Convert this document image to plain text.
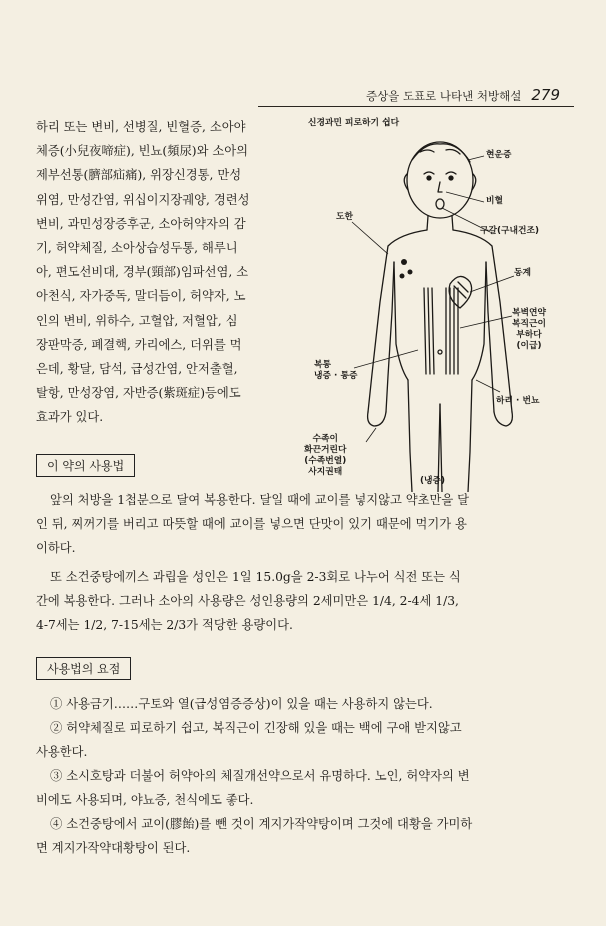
증상을 도표로 나타낸 처방해설 279
하리 또는 변비, 선병질, 빈혈증, 소아야
체증(小兒夜啼症), 빈뇨(頻尿)와 소아의
제부선통(臍部疝痛), 위장신경통, 만성
위염, 만성간염, 위십이지장궤양, 경련성
변비, 과민성장증후군, 소아허약자의 감
기, 허약체질, 소아상습성두통, 해루니
아, 편도선비대, 경부(頸部)임파선염, 소
아천식, 자가중독, 말더듬이, 허약자, 노
인의 변비, 위하수, 고혈압, 저혈압, 심
장판막증, 폐결핵, 카리에스, 더위를 먹
은데, 황달, 담석, 급성간염, 안저출혈,
탈항, 만성장염, 자반증(紫斑症)등에도
효과가 있다.
신경과민 피로하기 쉽다
현운증
비혈
도한
구갈(구내건조)
동계
복벽연약
복직근이
부하다
(이급)
복통
냉증 · 통증
하리 · 번뇨
수족이
화끈거린다
(수족번열)
사지권태
(냉증)
이 약의 사용법
앞의 처방을 1첩분으로 달여 복용한다. 달일 때에 교이를 넣지않고 약초만을 달
인 뒤, 찌꺼기를 버리고 따뜻할 때에 교이를 넣으면 단맛이 있기 때문에 먹기가 용
이하다.
또 소건중탕에끼스 과립을 성인은 1일 15.0g을 2-3회로 나누어 식전 또는 식
간에 복용한다. 그러나 소아의 사용량은 성인용량의 2세미만은 1/4, 2-4세 1/3,
4-7세는 1/2, 7-15세는 2/3가 적당한 용량이다.
사용법의 요점
① 사용금기……구토와 열(급성염증증상)이 있을 때는 사용하지 않는다.
② 허약체질로 피로하기 쉽고, 복직근이 긴장해 있을 때는 백에 구애 받지않고
사용한다.
③ 소시호탕과 더불어 허약아의 체질개선약으로서 유명하다. 노인, 허약자의 변
비에도 사용되며, 야뇨증, 천식에도 좋다.
④ 소건중탕에서 교이(膠飴)를 뺀 것이 계지가작약탕이며 그것에 대황을 가미하
면 계지가작약대황탕이 된다.
